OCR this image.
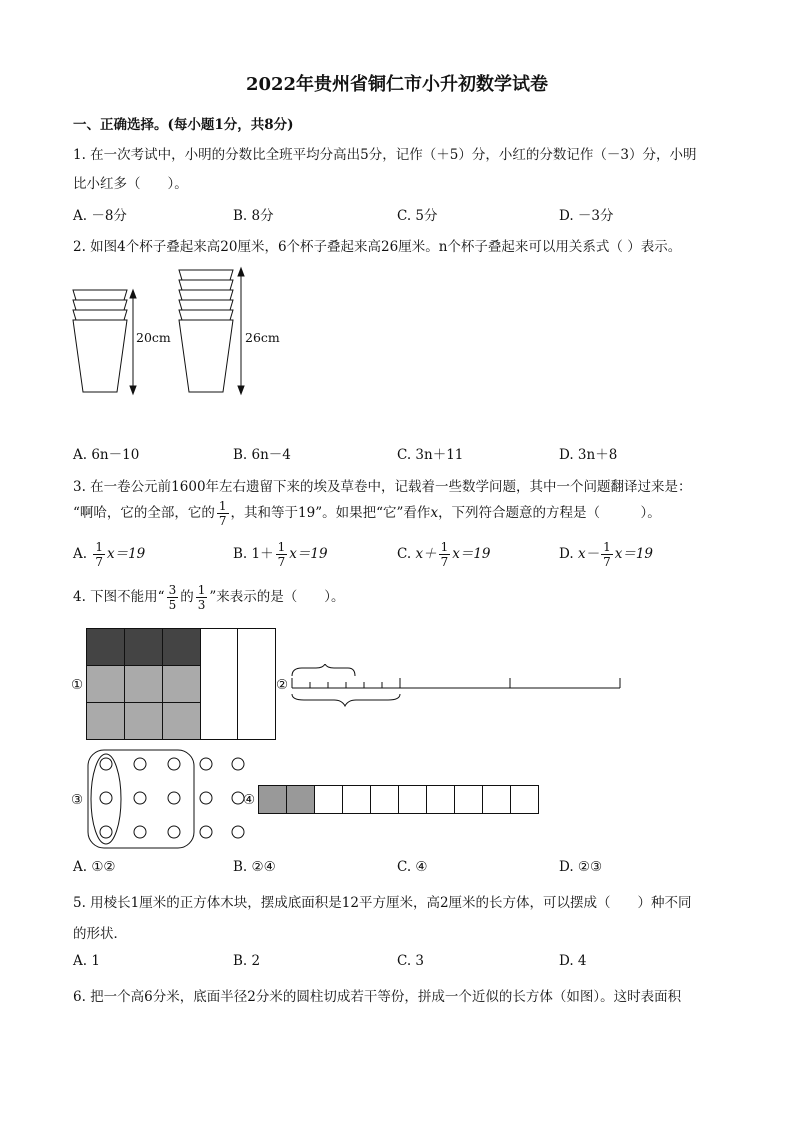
2022年贵州省铜仁市小升初数学试卷
一、正确选择。(每小题1分，共8分)
1. 在一次考试中，小明的分数比全班平均分高出5分，记作（＋5）分，小红的分数记作（－3）分，小明
比小红多（　　）。
A. －8分	B. 8分	C. 5分	D. －3分
2. 如图4个杯子叠起来高20厘米，6个杯子叠起来高26厘米。n个杯子叠起来可以用关系式（ ）表示。
20cm	26cm
A. 6n－10	B. 6n－4	C. 3n＋11	D. 3n＋8
3. 在一卷公元前1600年左右遗留下来的埃及草卷中，记载着一些数学问题，其中一个问题翻译过来是：
“啊哈，它的全部，它的 $\frac{1}{7}$ ，其和等于19”。如果把“它”看作x，下列符合题意的方程是（　　　）。
A. $\frac{1}{7} x=19$	B. $1+ \frac{1}{7} x=19$	C. $x+ \frac{1}{7} x=19$	D. $x- \frac{1}{7} x=19$
4. 下图不能用“ $\frac{3}{5}$ 的 $\frac{1}{3}$ ”来表示的是（　　）。
①	②
③	④
A. ①②	B. ②④	C. ④	D. ②③
5. 用棱长1厘米的正方体木块，摆成底面积是12平方厘米，高2厘米的长方体，可以摆成（　　）种不同
的形状．
A. 1	B. 2	C. 3	D. 4
6. 把一个高6分米，底面半径2分米的圆柱切成若干等份，拼成一个近似的长方体（如图）。这时表面积
